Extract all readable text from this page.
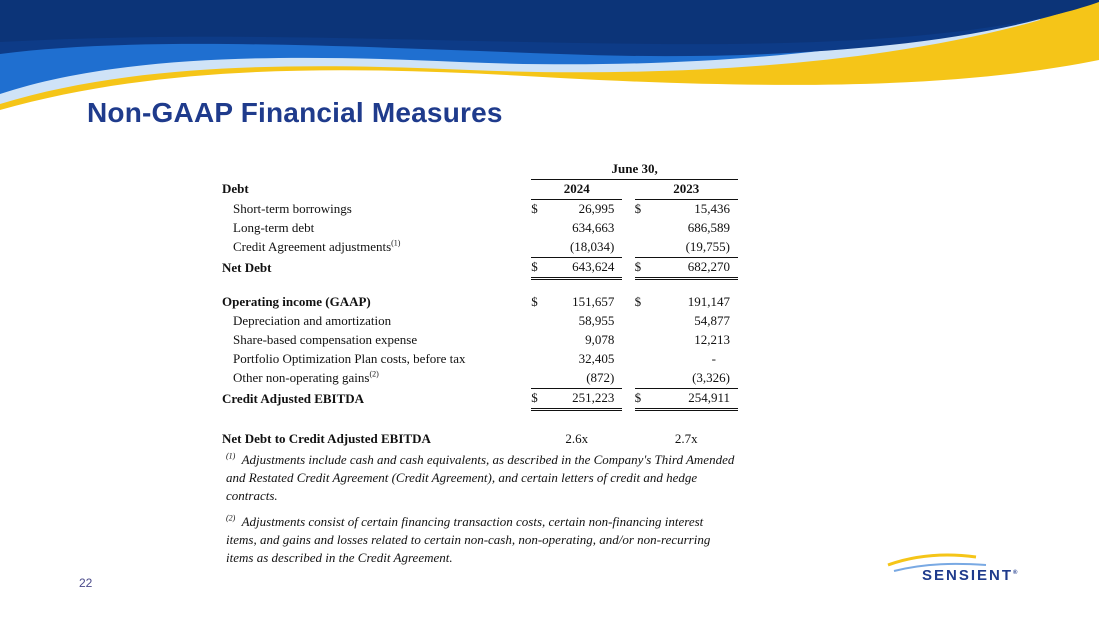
Non-GAAP Financial Measures
	June 30,					
Debt	2024			2023		
Short-term borrowings	$	26,995		$	15,436	
Long-term debt		634,663			686,589	
Credit Agreement adjustments$^{(1)}$		(18,034)			(19,755)	
Net Debt	$	643,624		$	682,270	

Operating income (GAAP)	$	151,657		$	191,147	
Depreciation and amortization		58,955			54,877	
Share-based compensation expense		9,078			12,213	
Portfolio Optimization Plan costs, before tax		32,405			-	
Other non-operating gains$^{(2)}$		(872)			(3,326)	
Credit Adjusted EBITDA	$	251,223		$	254,911	

Net Debt to Credit Adjusted EBITDA	2.6x			2.7x		

$^{(1)}$ Adjustments include cash and cash equivalents, as described in the Company's Third Amended and Restated Credit Agreement (Credit Agreement), and certain letters of credit and hedge contracts.

$^{(2)}$ Adjustments consist of certain financing transaction costs, certain non-financing interest items, and gains and losses related to certain non-cash, non-operating, and/or non-recurring items as described in the Credit Agreement.

22	SENSIENT®
